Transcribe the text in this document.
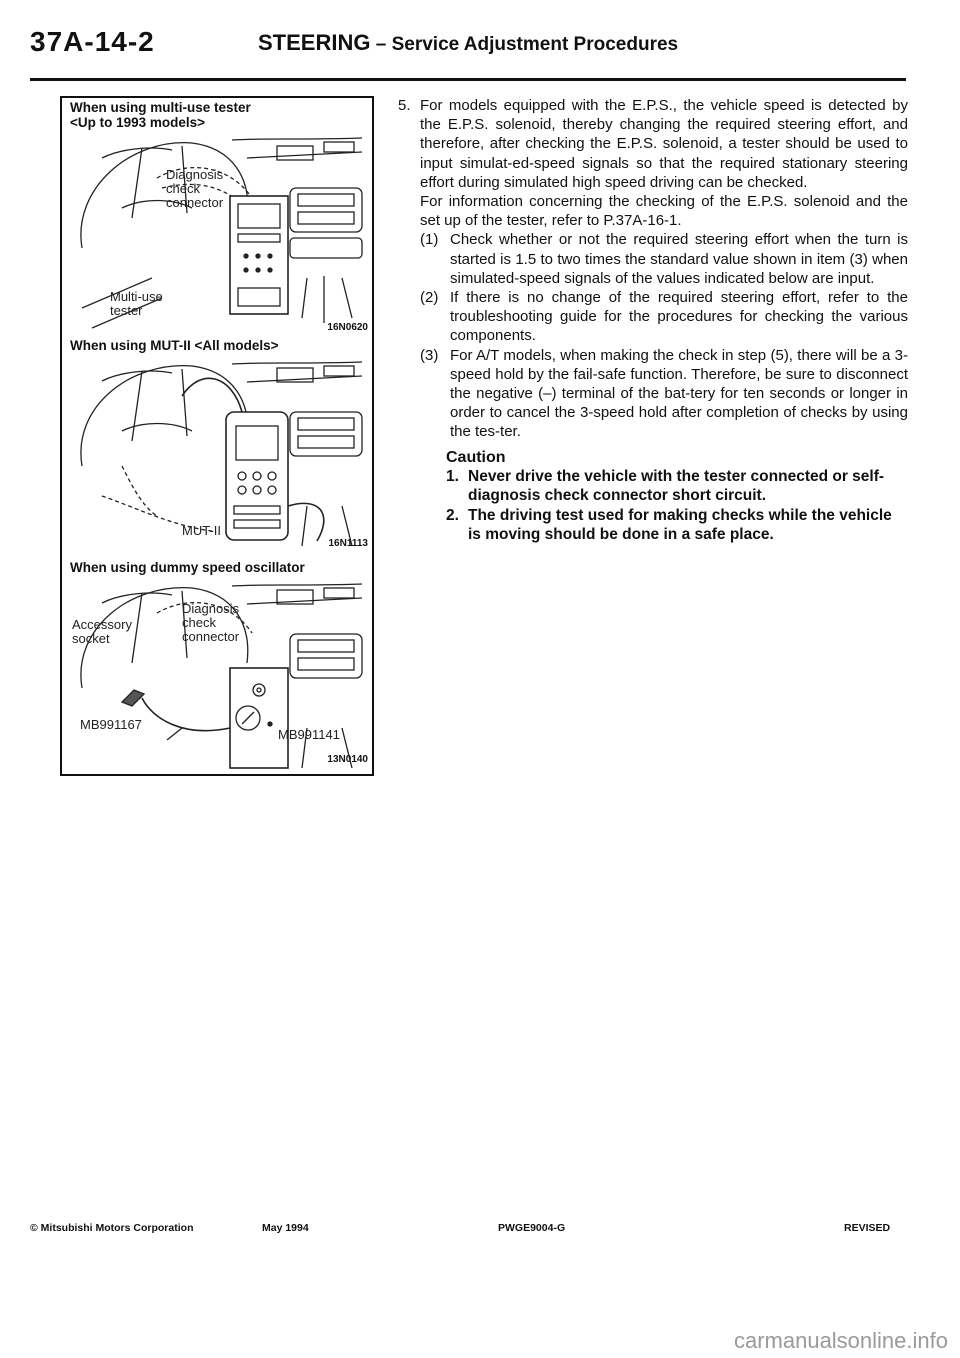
37A-14-2	STEERING – Service Adjustment Procedures
When using multi-use tester
<Up to 1993 models>
Diagnosis
check
connector
Multi-use
tester
16N0620
When using MUT-II <All models>
MUT-II
16N1113
When using dummy speed oscillator
Diagnosis
check
connector
Accessory
socket
MB991167
MB991141
13N0140
5. For models equipped with the E.P.S., the vehicle speed is detected by the E.P.S. solenoid, thereby changing the required steering effort, and therefore, after checking the E.P.S. solenoid, a tester should be used to input simulat-ed-speed signals so that the required stationary steering effort during simulated high speed driving can be checked.
For information concerning the checking of the E.P.S. solenoid and the set up of the tester, refer to P.37A-16-1.
(1) Check whether or not the required steering effort when the turn is started is 1.5 to two times the standard value shown in item (3) when simulated-speed signals of the values indicated below are input.
(2) If there is no change of the required steering effort, refer to the troubleshooting guide for the procedures for checking the various components.
(3) For A/T models, when making the check in step (5), there will be a 3-speed hold by the fail-safe function. Therefore, be sure to disconnect the negative (–) terminal of the bat-tery for ten seconds or longer in order to cancel the 3-speed hold after completion of checks by using the tes-ter.
Caution
1. Never drive the vehicle with the tester connected or self-diagnosis check connector short circuit.
2. The driving test used for making checks while the vehicle is moving should be done in a safe place.
© Mitsubishi Motors Corporation	May 1994	PWGE9004-G	REVISED
carmanualsonline.info
